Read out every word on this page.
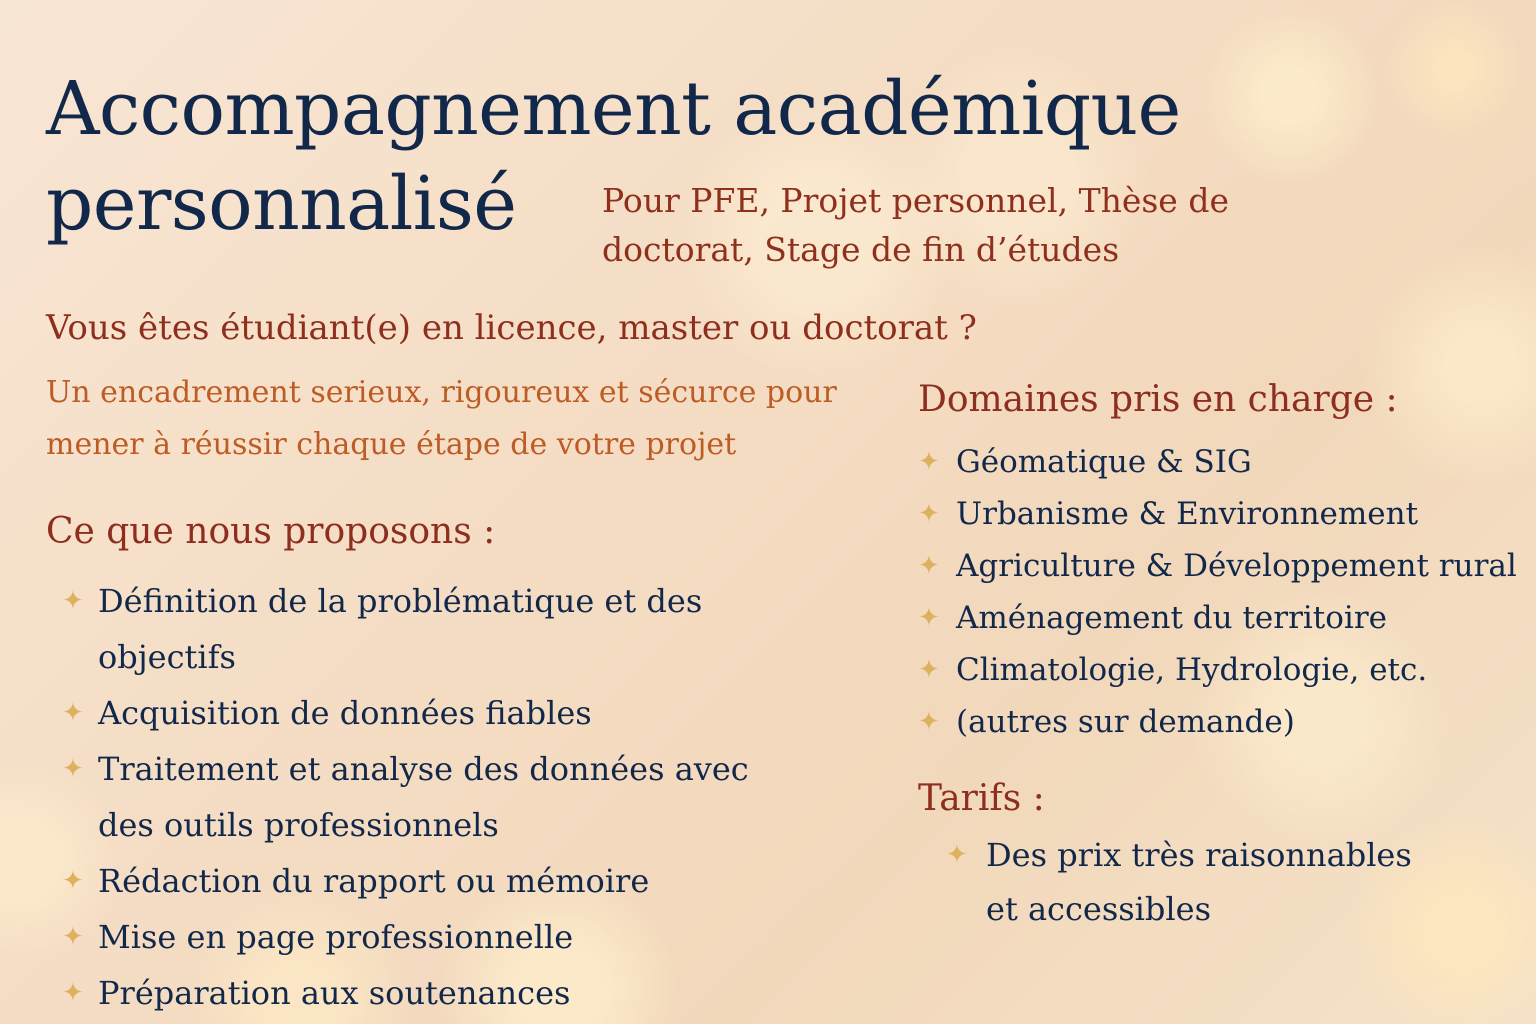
Accompagnement académique
personnalisé	Pour PFE, Projet personnel, Thèse de doctorat, Stage de fin d’études

Vous êtes étudiant(e) en licence, master ou doctorat ?

Un encadrement serieux, rigoureux et sécurce pour mener à réussir chaque étape de votre projet

Ce que nous proposons :
✦ Définition de la problématique et des objectifs
✦ Acquisition de données fiables
✦ Traitement et analyse des données avec des outils professionnels
✦ Rédaction du rapport ou mémoire
✦ Mise en page professionnelle
✦ Préparation aux soutenances
Domaines pris en charge :
✦ Géomatique & SIG
✦ Urbanisme & Environnement
✦ Agriculture & Développement rural
✦ Aménagement du territoire
✦ Climatologie, Hydrologie, etc.
✦ (autres sur demande)
Tarifs :
✦ Des prix très raisonnables et accessibles
